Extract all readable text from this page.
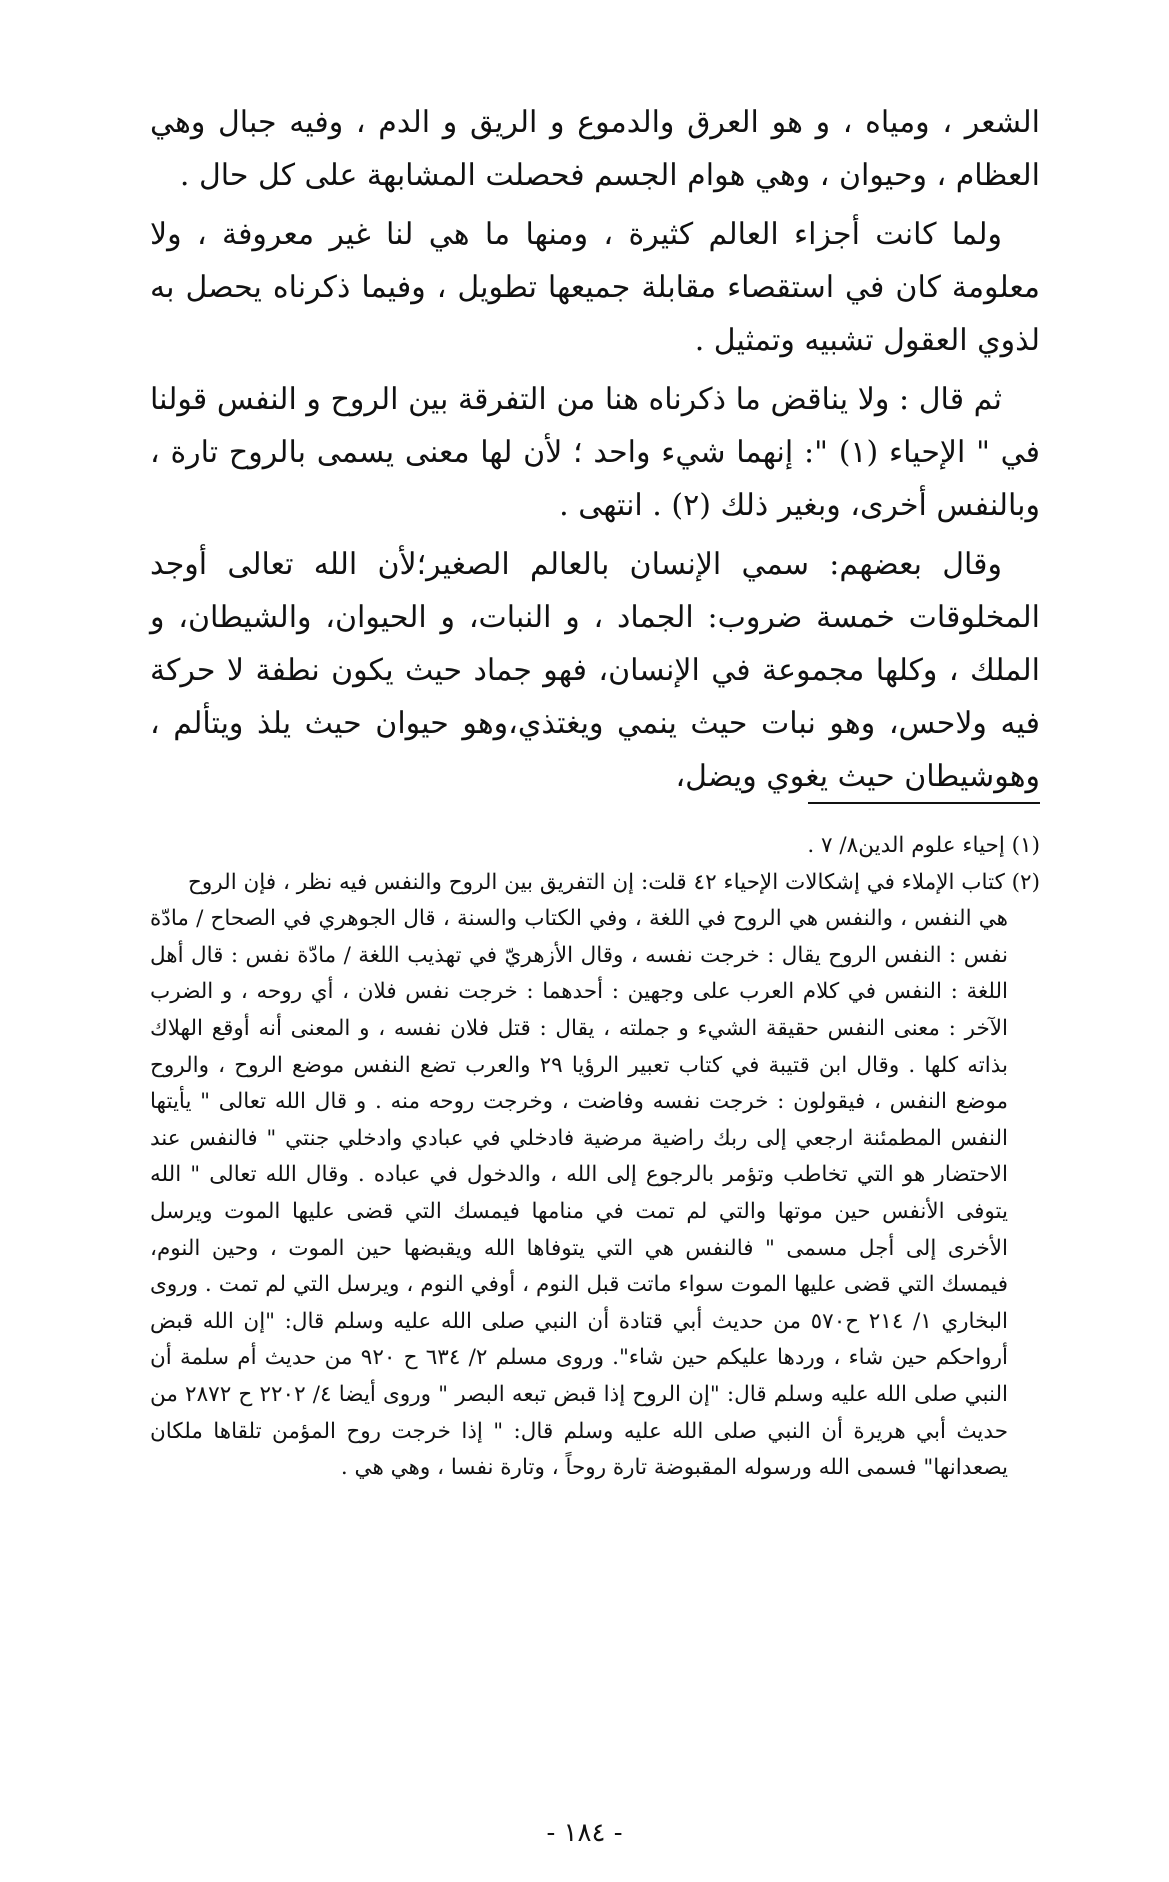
الشعر ، ومياه ، و هو العرق والدموع و الريق و الدم ، وفيه جبال وهي العظام ، وحيوان ، وهي هوام الجسم فحصلت المشابهة على كل حال .

ولما كانت أجزاء العالم كثيرة ، ومنها ما هي لنا غير معروفة ، ولا معلومة كان في استقصاء مقابلة جميعها تطويل ، وفيما ذكرناه يحصل به لذوي العقول تشبيه وتمثيل .

ثم قال : ولا يناقض ما ذكرناه هنا من التفرقة بين الروح و النفس قولنا في " الإحياء (١) ": إنهما شيء واحد ؛ لأن لها معنى يسمى بالروح تارة ، وبالنفس أخرى، وبغير ذلك (٢) . انتهى .

وقال بعضهم: سمي الإنسان بالعالم الصغير؛لأن الله تعالى أوجد المخلوقات خمسة ضروب: الجماد ، و النبات، و الحيوان، والشيطان، و الملك ، وكلها مجموعة في الإنسان، فهو جماد حيث يكون نطفة لا حركة فيه ولاحس، وهو نبات حيث ينمي ويغتذي،وهو حيوان حيث يلذ ويتألم ، وهوشيطان حيث يغوي ويضل،

(١) إحياء علوم الدين٨/ ٧ .

(٢) كتاب الإملاء في إشكالات الإحياء ٤٢ قلت: إن التفريق بين الروح والنفس فيه نظر ، فإن الروح

هي النفس ، والنفس هي الروح في اللغة ، وفي الكتاب والسنة ، قال الجوهري في الصحاح / مادّة نفس : النفس الروح يقال : خرجت نفسه ، وقال الأزهريّ في تهذيب اللغة / مادّة نفس : قال أهل اللغة : النفس في كلام العرب على وجهين : أحدهما : خرجت نفس فلان ، أي روحه ، و الضرب الآخر : معنى النفس حقيقة الشيء و جملته ، يقال : قتل فلان نفسه ، و المعنى أنه أوقع الهلاك بذاته كلها . وقال ابن قتيبة في كتاب تعبير الرؤيا ٢٩ والعرب تضع النفس موضع الروح ، والروح موضع النفس ، فيقولون : خرجت نفسه وفاضت ، وخرجت روحه منه . و قال الله تعالى " يأيتها النفس المطمئنة ارجعي إلى ربك راضية مرضية فادخلي في عبادي وادخلي جنتي " فالنفس عند الاحتضار هو التي تخاطب وتؤمر بالرجوع إلى الله ، والدخول في عباده . وقال الله تعالى " الله يتوفى الأنفس حين موتها والتي لم تمت في منامها فيمسك التي قضى عليها الموت ويرسل الأخرى إلى أجل مسمى " فالنفس هي التي يتوفاها الله ويقبضها حين الموت ، وحين النوم، فيمسك التي قضى عليها الموت سواء ماتت قبل النوم ، أوفي النوم ، ويرسل التي لم تمت . وروى البخاري ١/ ٢١٤ ح٥٧٠ من حديث أبي قتادة أن النبي صلى الله عليه وسلم قال: "إن الله قبض أرواحكم حين شاء ، وردها عليكم حين شاء". وروى مسلم ٢/ ٦٣٤ ح ٩٢٠ من حديث أم سلمة أن النبي صلى الله عليه وسلم قال: "إن الروح إذا قبض تبعه البصر " وروى أيضا ٤/ ٢٢٠٢ ح ٢٨٧٢ من حديث أبي هريرة أن النبي صلى الله عليه وسلم قال: " إذا خرجت روح المؤمن تلقاها ملكان يصعدانها" فسمى الله ورسوله المقبوضة تارة روحاً ، وتارة نفسا ، وهي هي .

- ١٨٤ -
